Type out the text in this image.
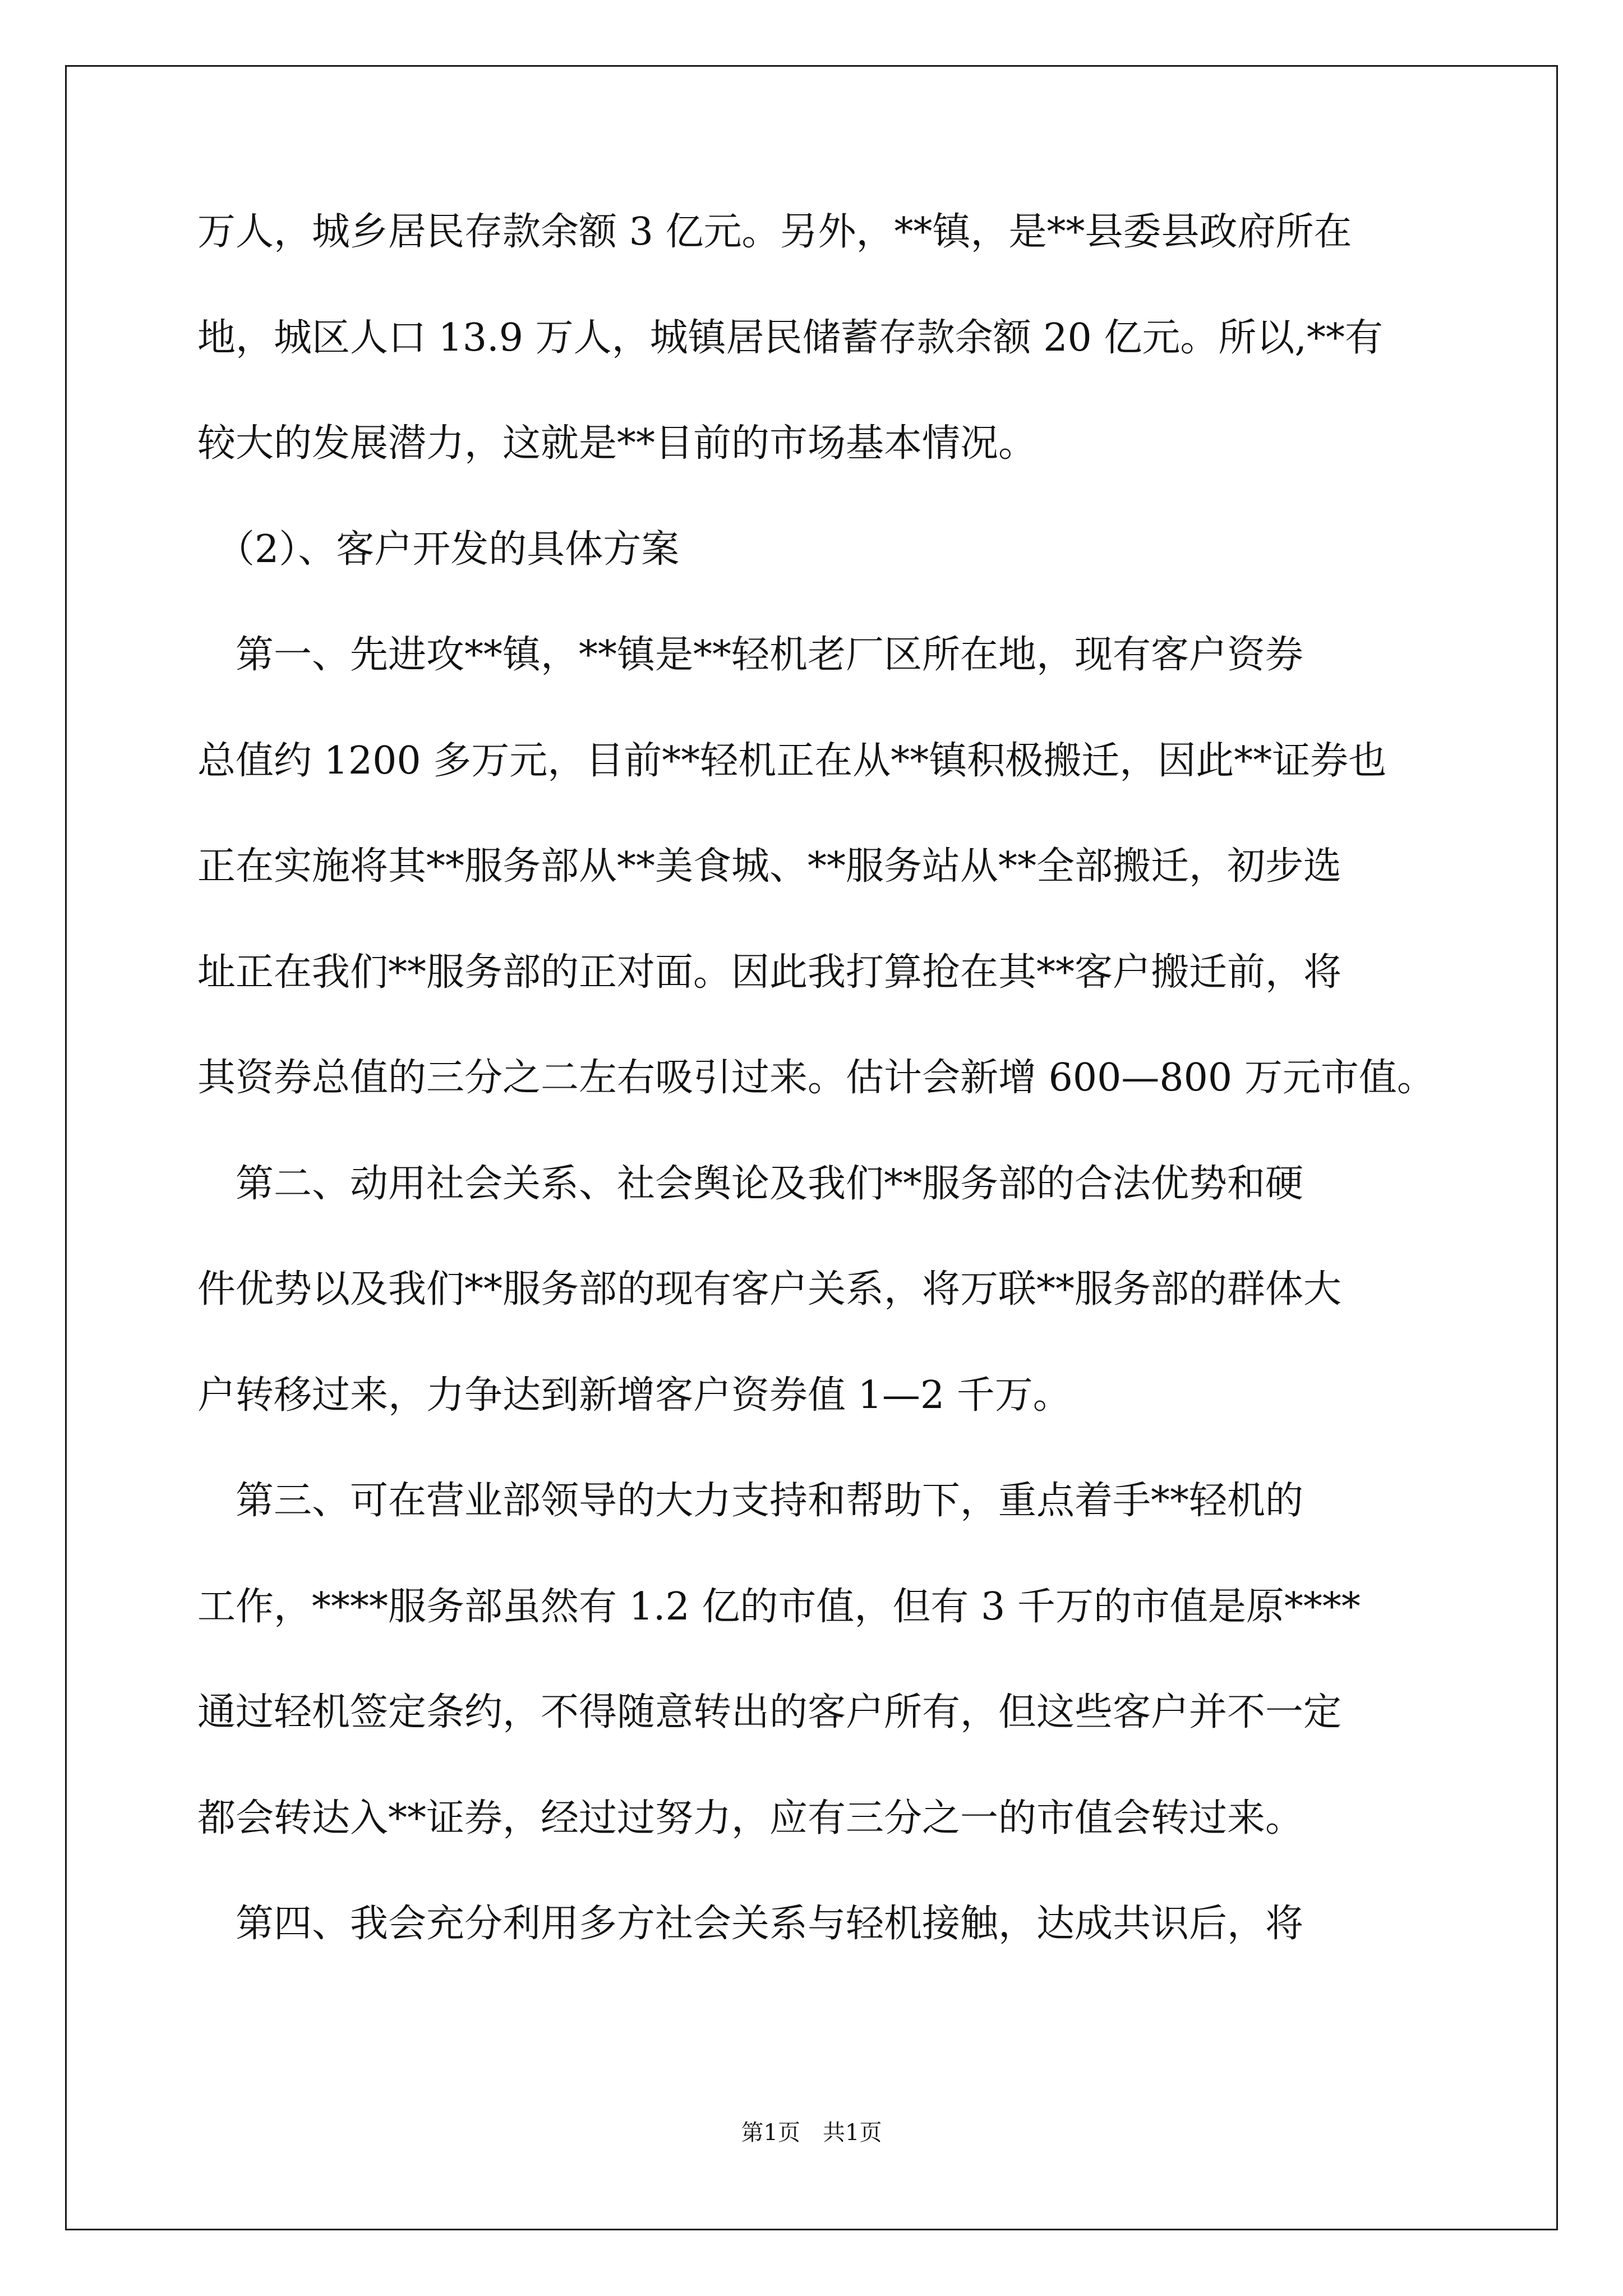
万人，城乡居民存款余额 3 亿元。另外，**镇，是**县委县政府所在
地，城区人口 13.9 万人，城镇居民储蓄存款余额 20 亿元。所以,**有
较大的发展潜力，这就是**目前的市场基本情况。
　（2）、客户开发的具体方案
　第一、先进攻**镇，**镇是**轻机老厂区所在地，现有客户资券
总值约 1200 多万元，目前**轻机正在从**镇积极搬迁，因此**证券也
正在实施将其**服务部从**美食城、**服务站从**全部搬迁，初步选
址正在我们**服务部的正对面。因此我打算抢在其**客户搬迁前，将
其资券总值的三分之二左右吸引过来。估计会新增 600—800 万元市值。
　第二、动用社会关系、社会舆论及我们**服务部的合法优势和硬
件优势以及我们**服务部的现有客户关系，将万联**服务部的群体大
户转移过来，力争达到新增客户资券值 1—2 千万。
　第三、可在营业部领导的大力支持和帮助下，重点着手**轻机的
工作，****服务部虽然有 1.2 亿的市值，但有 3 千万的市值是原****
通过轻机签定条约，不得随意转出的客户所有，但这些客户并不一定
都会转达入**证券，经过过努力，应有三分之一的市值会转过来。
　第四、我会充分利用多方社会关系与轻机接触，达成共识后，将
第1页　共1页
